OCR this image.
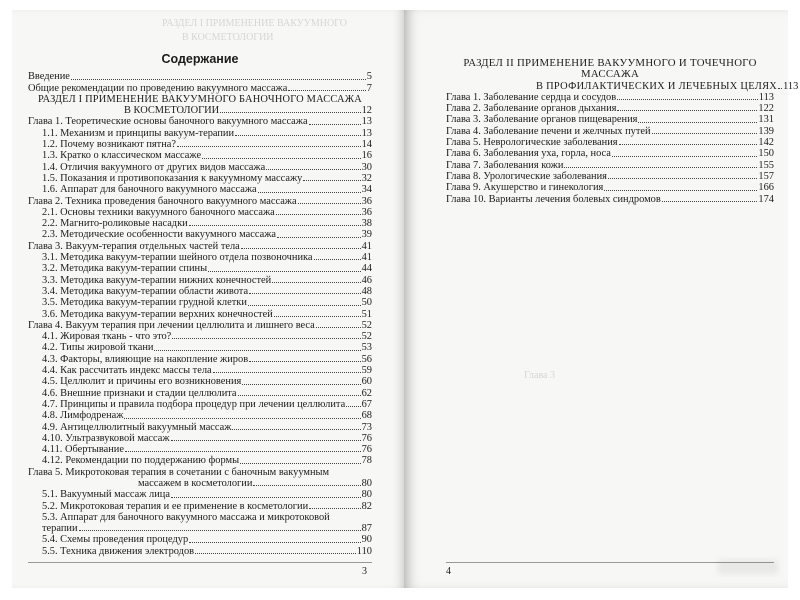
РАЗДЕЛ I ПРИМЕНЕНИЕ ВАКУУМНОГО
В КОСМЕТОЛОГИИ
Содержание
Введение	5
Общие рекомендации по проведению вакуумного массажа	7
РАЗДЕЛ I ПРИМЕНЕНИЕ ВАКУУМНОГО БАНОЧНОГО МАССАЖА
В КОСМЕТОЛОГИИ	12
Глава 1. Теоретические основы баночного вакуумного массажа	13
1.1. Механизм и принципы вакуум-терапии	13
1.2. Почему возникают пятна?	14
1.3. Кратко о классическом массаже	16
1.4. Отличия вакуумного от других видов массажа	30
1.5. Показания и противопоказания к вакуумному массажу	32
1.6. Аппарат для баночного вакуумного массажа	34
Глава 2. Техника проведения баночного вакуумного массажа	36
2.1. Основы техники вакуумного баночного массажа	36
2.2. Магнито-роликовые насадки	38
2.3. Методические особенности вакуумного массажа	39
Глава 3. Вакуум-терапия отдельных частей тела	41
3.1. Методика вакуум-терапии шейного отдела позвоночника	41
3.2. Методика вакуум-терапии спины	44
3.3. Методика вакуум-терапии нижних конечностей	46
3.4. Методика вакуум-терапии области живота	48
3.5. Методика вакуум-терапии грудной клетки	50
3.6. Методика вакуум-терапии верхних конечностей	51
Глава 4. Вакуум терапия при лечении целлюлита и лишнего веса	52
4.1. Жировая ткань - что это?	52
4.2. Типы жировой ткани	53
4.3. Факторы, влияющие на накопление жиров	56
4.4. Как рассчитать индекс массы тела	59
4.5. Целлюлит и причины его возникновения	60
4.6. Внешние признаки и стадии целлюлита	62
4.7. Принципы и правила подбора процедур при лечении целлюлита 67
4.8. Лимфодренаж	68
4.9. Антицеллюлитный вакуумный массаж	73
4.10. Ультразвуковой массаж	76
4.11. Обертывание	76
4.12. Рекомендации по поддержанию формы	78
Глава 5. Микротоковая терапия в сочетании с баночным вакуумным
массажем в косметологии	80
5.1. Вакуумный массаж лица	80
5.2. Микротоковая терапия и ее применение в косметологии	82
5.3. Аппарат для баночного вакуумного массажа и микротоковой
терапии	87
5.4. Схемы проведения процедур	90
5.5. Техника движения электродов	110
3
Глава 3
РАЗДЕЛ II ПРИМЕНЕНИЕ ВАКУУМНОГО И ТОЧЕЧНОГО МАССАЖА
В ПРОФИЛАКТИЧЕСКИХ И ЛЕЧЕБНЫХ ЦЕЛЯХ 113
Глава 1. Заболевание сердца и сосудов	113
Глава 2. Заболевание органов дыхания	122
Глава 3. Заболевание органов пищеварения	131
Глава 4. Заболевание печени и желчных путей	139
Глава 5. Неврологические заболевания	142
Глава 6. Заболевания уха, горла, носа	150
Глава 7. Заболевания кожи	155
Глава 8. Урологические заболевания	157
Глава 9. Акушерство и гинекология	166
Глава 10. Варианты лечения болевых синдромов	174
4
